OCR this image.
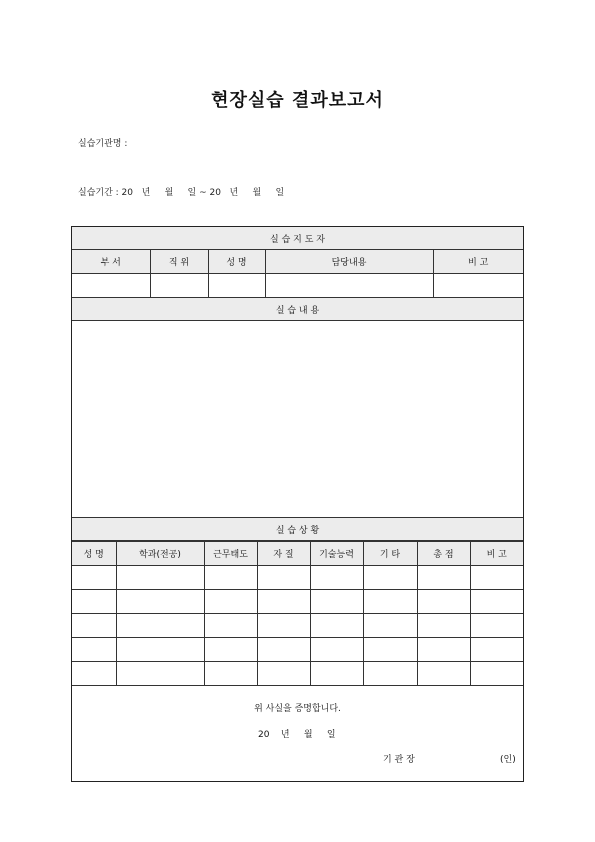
현장실습 결과보고서
실습기관명 :
실습기간 : 20   년     월     일 ~ 20   년     월     일
실 습 지 도 자				
부 서	직 위	성 명	담당내용	비 고

실 습 내 용				

실 습 상 황				
성 명	학과(전공)	근무태도	자 질	기술능력	기 타	총 점	비 고

위 사실을 증명합니다.
20    년     월     일
기 관 장	(인)
